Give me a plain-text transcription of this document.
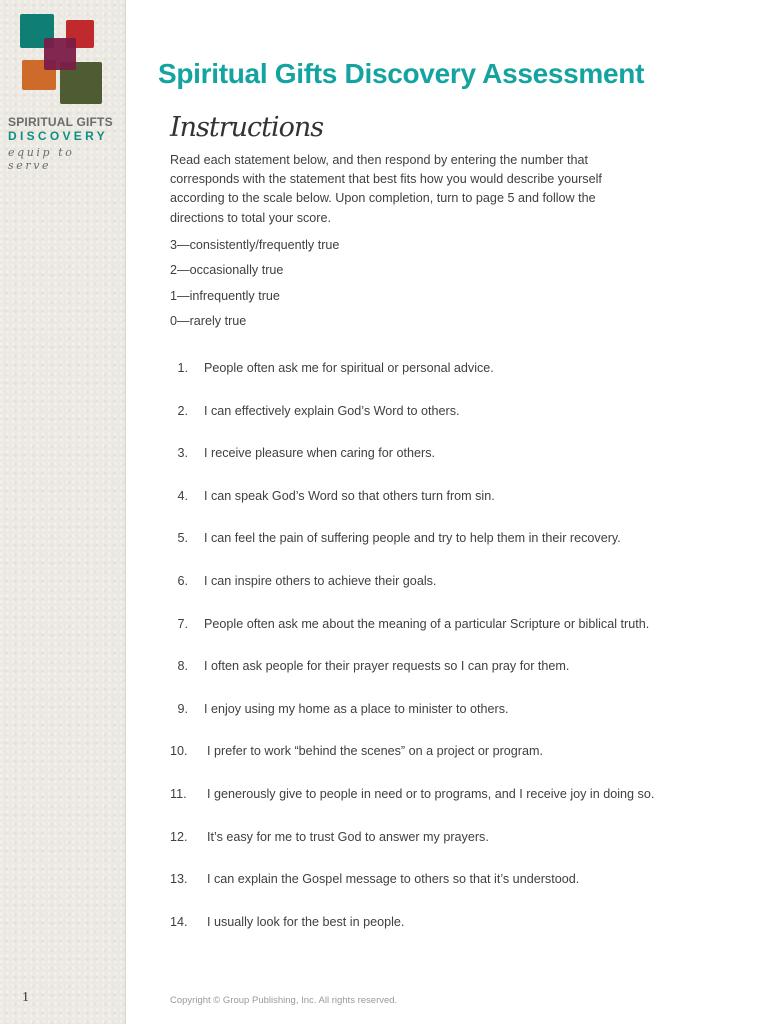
SPIRITUAL GIFTS
DISCOVERY
equip to serve
1
Spiritual Gifts Discovery Assessment
Instructions
Read each statement below, and then respond by entering the number that corresponds with the statement that best fits how you would describe yourself according to the scale below. Upon completion, turn to page 5 and follow the directions to total your score.
3—consistently/frequently true
2—occasionally true
1—infrequently true
0—rarely true
1. People often ask me for spiritual or personal advice.
2. I can effectively explain God’s Word to others.
3. I receive pleasure when caring for others.
4. I can speak God’s Word so that others turn from sin.
5. I can feel the pain of suffering people and try to help them in their recovery.
6. I can inspire others to achieve their goals.
7. People often ask me about the meaning of a particular Scripture or biblical truth.
8. I often ask people for their prayer requests so I can pray for them.
9. I enjoy using my home as a place to minister to others.
10. I prefer to work “behind the scenes” on a project or program.
11. I generously give to people in need or to programs, and I receive joy in doing so.
12. It’s easy for me to trust God to answer my prayers.
13. I can explain the Gospel message to others so that it’s understood.
14. I usually look for the best in people.
Copyright © Group Publishing, Inc. All rights reserved.
